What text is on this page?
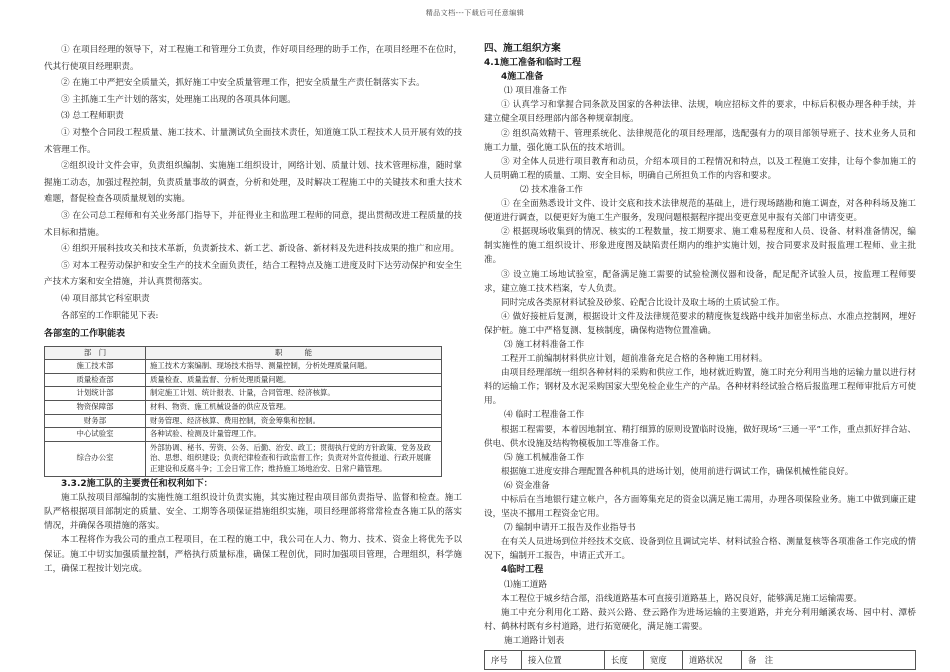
精品文档---下载后可任意编辑

① 在项目经理的领导下，对工程施工和管理分工负责，作好项目经理的助手工作，在项目经理不在位时，代其行使项目经理职责。

② 在施工中严把安全质量关，抓好施工中安全质量管理工作，把安全质量生产责任制落实下去。

③ 主抓施工生产计划的落实，处理施工出现的各项具体问题。

⑶ 总工程师职责

① 对整个合同段工程质量、施工技术、计量测试负全面技术责任，知道施工队工程技术人员开展有效的技术管理工作。

②组织设计文件会审，负责组织编制、实施施工组织设计，网络计划、质量计划、技术管理标准，随时掌握施工动态，加强过程控制，负责质量事故的调查，分析和处理，及时解决工程施工中的关键技术和重大技术难题，督促检查各项质量规划的实施。

③ 在公司总工程师和有关业务部门指导下，并征得业主和监理工程师的同意，提出贯彻改进工程质量的技术目标和措施。

④ 组织开展科技攻关和技术革新，负责新技术、新工艺、新设备、新材料及先进科技成果的推广和应用。

⑤ 对本工程劳动保护和安全生产的技术全面负责任，结合工程特点及施工进度及时下达劳动保护和安全生产技术方案和安全措施，并认真贯彻落实。

⑷ 项目部其它科室职责

各部室的工作职能见下表:

各部室的工作职能表

部　门	职　　　能
施工技术部	施工技术方案编制、现场技术指导、测量控制，分析处理质量问题。
质量检查部	质量检查、质量监督、分析处理质量问题。
计划统计部	制定施工计划、统计报表、计量，合同管理、经济核算。
物资保障部	材料、物资、施工机械设备的供应及管理。
财务部	财务管理、经济核算、费用控制，资金筹集和控制。
中心试验室	各种试验、检测及计量管理工作。
综合办公室	外部协调、秘书、劳资、公务、后勤、治安、政工；贯彻执行党的方针政策、党务及政治、思想、组织建设；负责纪律检查和行政监督工作；负责对外宣传报道、行政开展廉正建设和反腐斗争；工会日常工作；维持施工场地治安、日常户籍管理。

3.3.2施工队的主要责任和权利如下：

施工队按项目部编制的实施性施工组织设计负责实施，其实施过程由项目部负责指导、监督和检查。施工队严格根据项目部制定的质量、安全、工期等各项保证措施组织实施，项目经理部将常常检查各施工队的落实情况，并确保各项措施的落实。

本工程将作为我公司的重点工程项目，在工程的施工中，我公司在人力、物力、技术、资金上将优先予以保证。施工中切实加强质量控制，严格执行质量标准，确保工程创优，同时加强项目管理，合理组织，科学施工，确保工程按计划完成。

四、施工组织方案

4.1施工准备和临时工程

4施工准备

⑴ 项目准备工作

① 认真学习和掌握合同条款及国家的各种法律、法规，响应招标文件的要求，中标后积极办理各种手续，并建立健全项目经理部内部各种规章制度。

② 组织高效精干、管理系统化、法律规范化的项目经理部，选配强有力的项目部领导班子、技术业务人员和施工力量，强化施工队伍的技术培训。

③ 对全体人员进行项目教育和动员，介绍本项目的工程情况和特点，以及工程施工安排，让每个参加施工的人员明确工程的质量、工期、安全目标，明确自己所担负工作的内容和要求。

⑵ 技术准备工作

① 在全面熟悉设计文件、设计交底和技术法律规范的基础上，进行现场踏勘和施工调查，对各种科场及施工便道进行调查，以便更好为施工生产服务，发现问题根据程序提出变更意见申报有关部门申请变更。

② 根据现场收集到的情况、核实的工程数量，按工期要求、施工难易程度和人员、设备、材料准备情况，编制实施性的施工组织设计、形象进度图及缺陷责任期内的维护实施计划，按合同要求及时报监理工程师、业主批准。

③ 设立施工场地试验室，配备满足施工需要的试验检测仪器和设备，配足配齐试验人员，按监理工程师要求，建立施工技术档案，专人负责。

同时完成各类原材料试验及砂浆、砼配合比设计及取土场的土质试验工作。

④ 做好接桩后复测，根据设计文件及法律规范要求的精度恢复线路中线并加密坐标点、水准点控制网，埋好保护桩。施工中严格复测、复核制度，确保构造物位置准确。

⑶ 施工材料准备工作

工程开工前编制材料供应计划，超前准备充足合格的各种施工用材料。

由项目经理部统一组织各种材料的采购和供应工作，地材就近购置，施工时充分利用当地的运输力量以进行材料的运输工作；钢材及水泥采购国家大型免检企业生产的产品。各种材料经试验合格后报监理工程师审批后方可使用。

⑷ 临时工程准备工作

根据工程需要，本着因地制宜、精打细算的原则设置临时设施，做好现场“三通一平”工作，重点抓好拌合站、供电、供水设施及结构物模板加工等准备工作。

⑸ 施工机械准备工作

根据施工进度安排合理配置各种机具的进场计划，使用前进行调试工作，确保机械性能良好。

⑹ 资金准备

中标后在当地银行建立帐户，各方面筹集充足的资金以满足施工需用，办理各项保险业务。施工中做到廉正建设，坚决不挪用工程资金它用。

⑺ 编制申请开工报告及作业指导书

在有关人员进场到位并经技术交底、设备到位且调试完毕、材料试验合格、测量复核等各项准备工作完成的情况下，编制开工报告，申请正式开工。

4临时工程

⑴施工道路

本工程位于城乡结合部，沿线道路基本可直接引道路基上，路况良好，能够满足施工运输需要。

施工中充分利用化工路、鼓兴公路、登云路作为进场运输的主要道路，并充分利用蛹溪农场、园中村、潭桥村、鹤林村既有乡村道路，进行拓宽硬化，满足施工需要。

施工道路计划表

序号	接入位置	长度	宽度	道路状况	备　注
